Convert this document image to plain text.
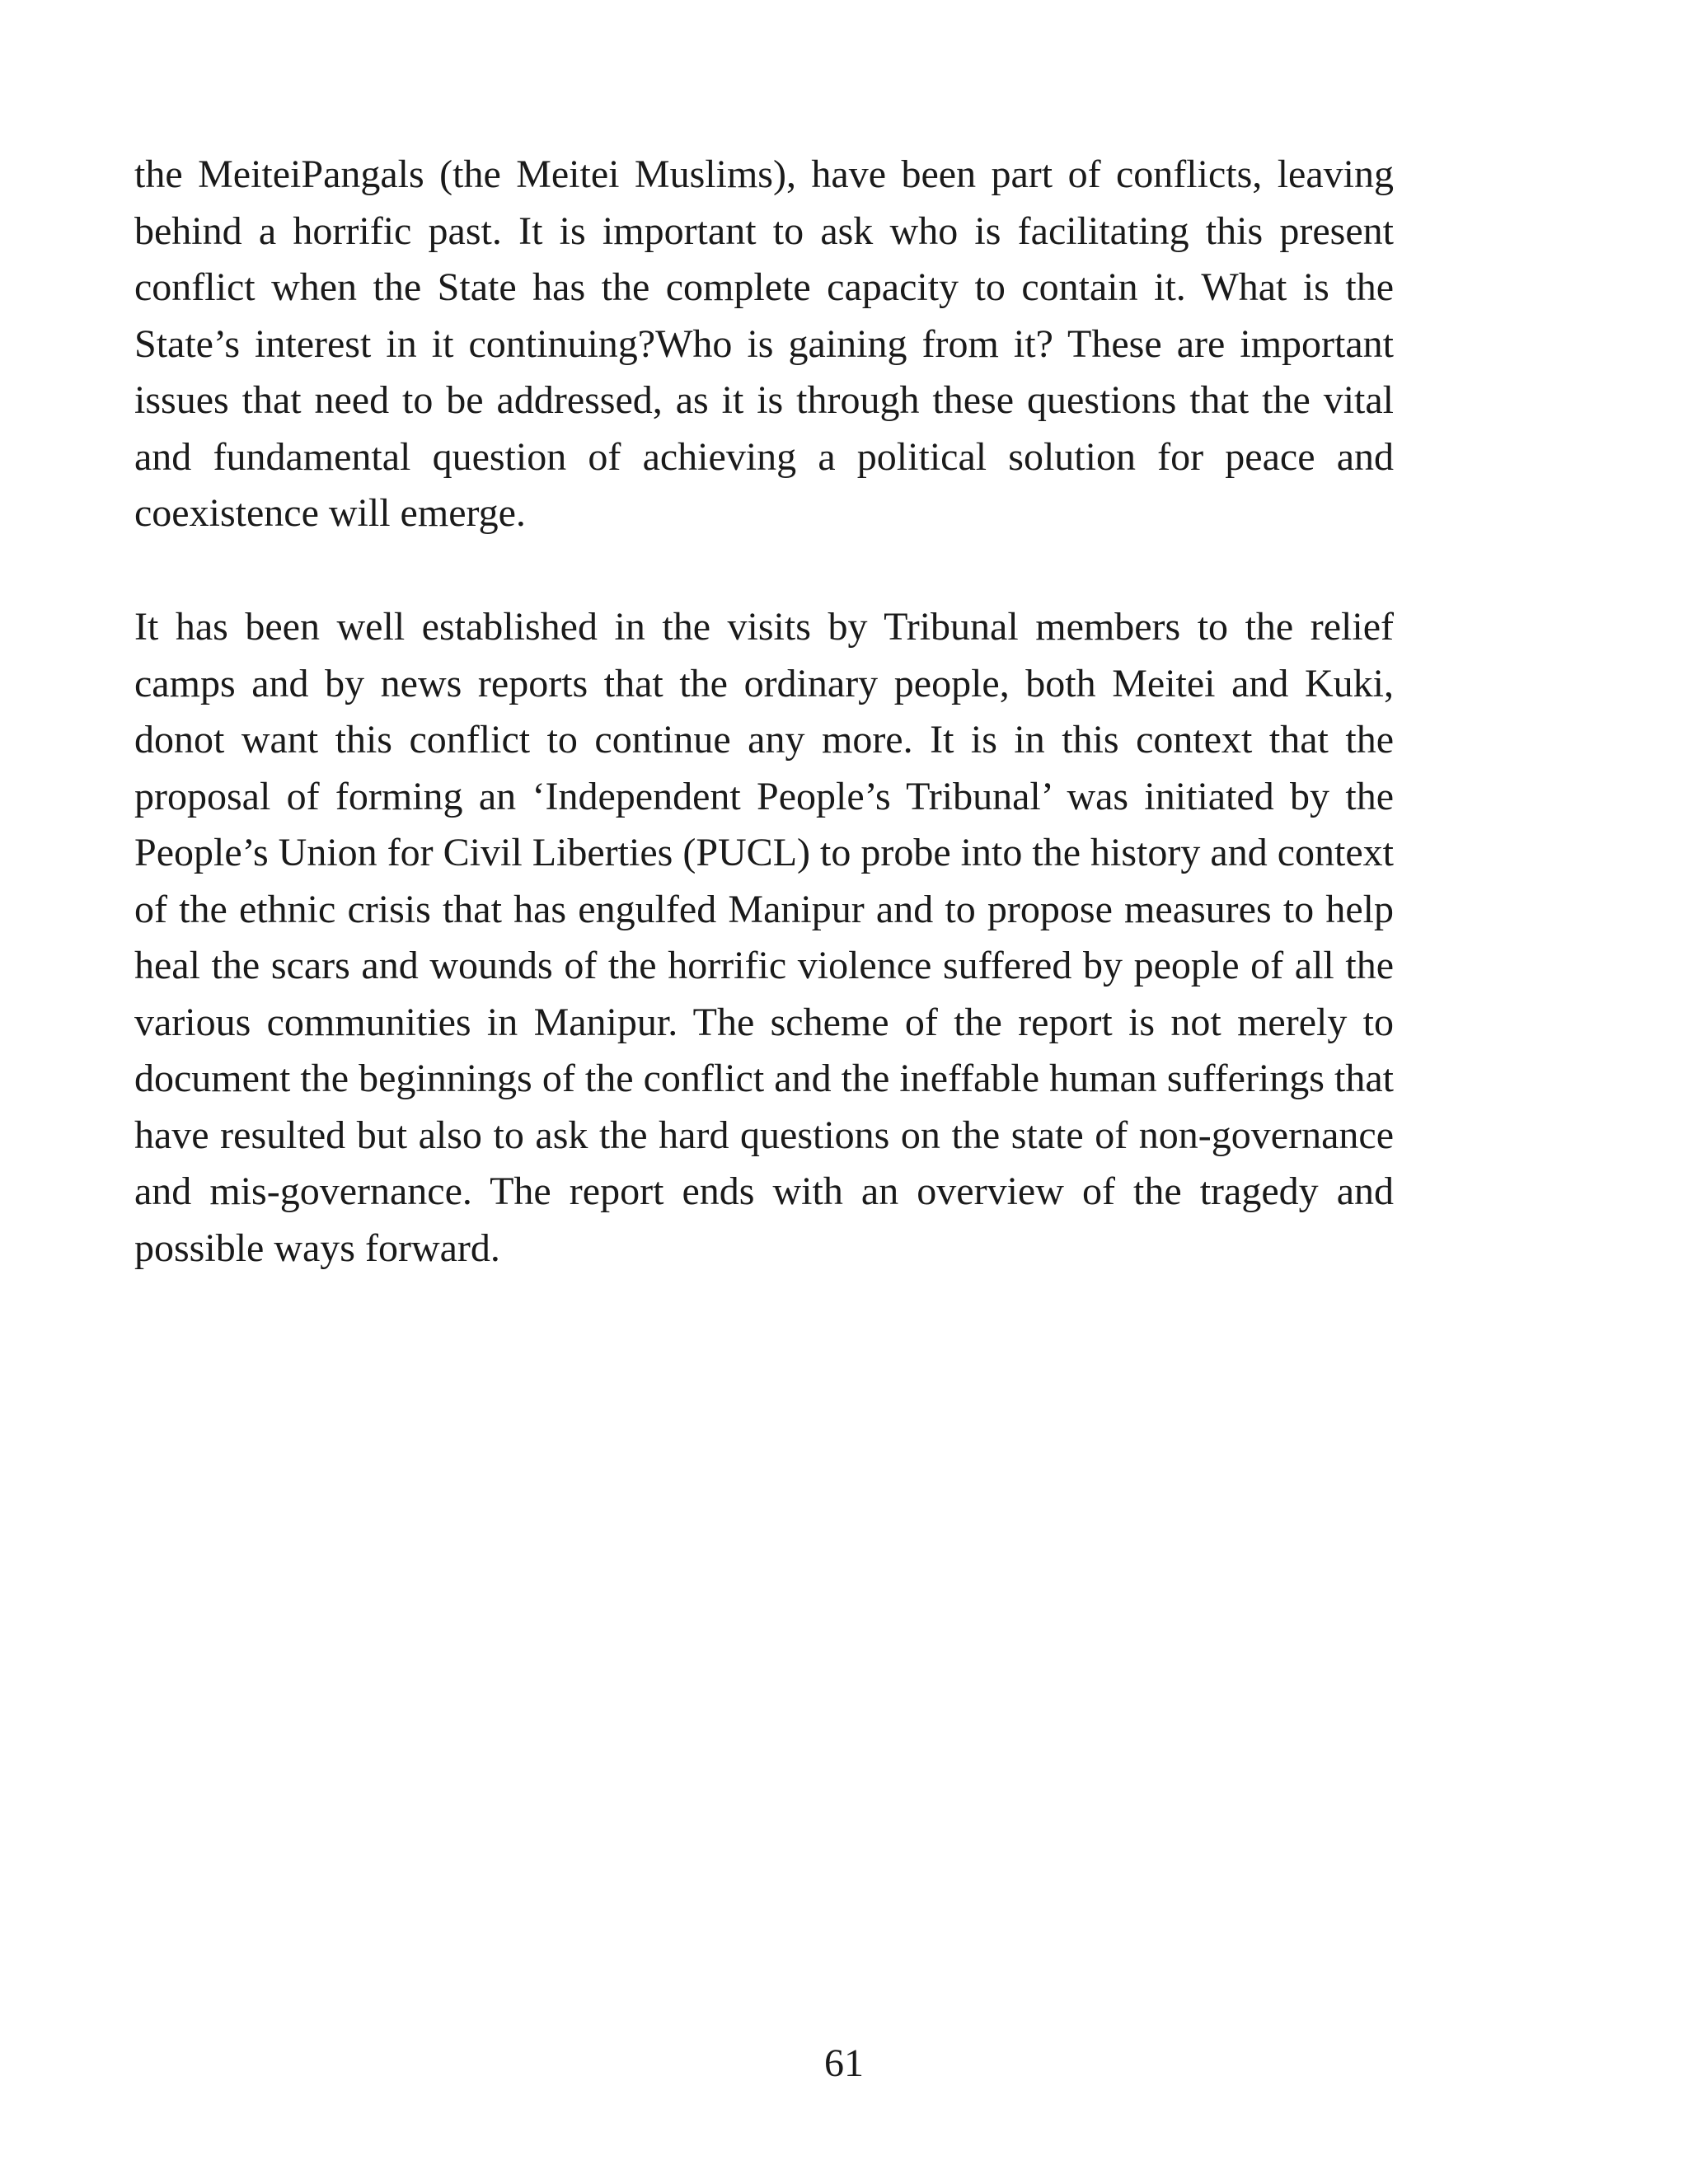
the MeiteiPangals (the Meitei Muslims), have been part of conflicts, leaving behind a horrific past. It is important to ask who is facilitating this present conflict when the State has the complete capacity to contain it. What is the State’s interest in it continuing?Who is gaining from it? These are important issues that need to be addressed, as it is through these questions that the vital and fundamental question of achieving a political solution for peace and coexistence will emerge.

It has been well established in the visits by Tribunal members to the relief camps and by news reports that the ordinary people, both Meitei and Kuki, donot want this conflict to continue any more. It is in this context that the proposal of forming an ‘Independent People’s Tribunal’ was initiated by the People’s Union for Civil Liberties (PUCL) to probe into the history and context of the ethnic crisis that has engulfed Manipur and to propose measures to help heal the scars and wounds of the horrific violence suffered by people of all the various communities in Manipur. The scheme of the report is not merely to document the beginnings of the conflict and the ineffable human sufferings that have resulted but also to ask the hard questions on the state of non-governance and mis-governance. The report ends with an overview of the tragedy and possible ways forward.

61
